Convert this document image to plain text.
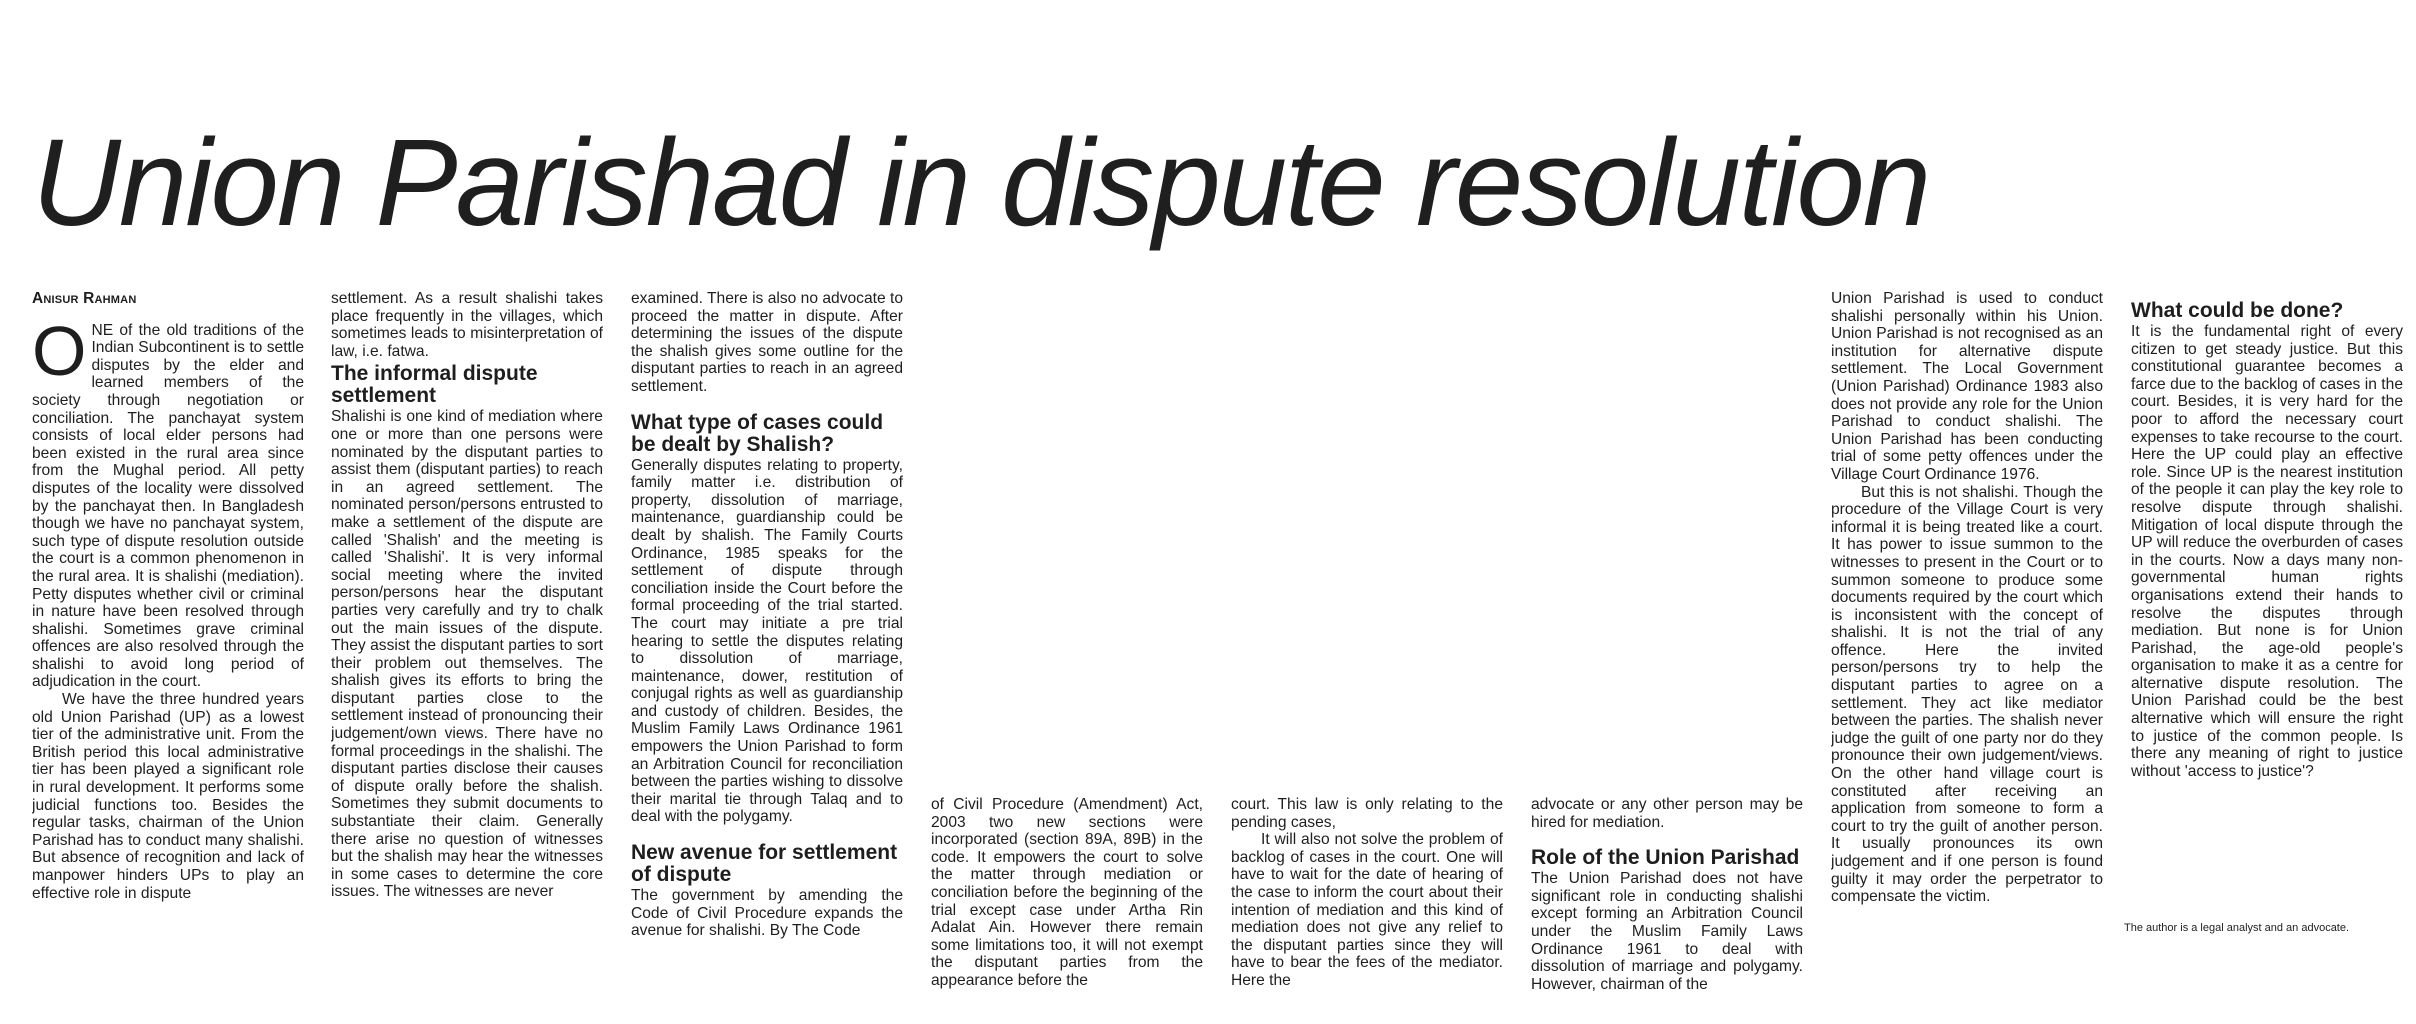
Union Parishad in dispute resolution
Anisur Rahman

ONE of the old traditions of the Indian Subcontinent is to settle disputes by the elder and learned members of the society through negotiation or conciliation. The panchayat system consists of local elder persons had been existed in the rural area since from the Mughal period. All petty disputes of the locality were dissolved by the panchayat then. In Bangladesh though we have no panchayat system, such type of dispute resolution outside the court is a common phenomenon in the rural area. It is shalishi (mediation). Petty disputes whether civil or criminal in nature have been resolved through shalishi. Sometimes grave criminal offences are also resolved through the shalishi to avoid long period of adjudication in the court.

We have the three hundred years old Union Parishad (UP) as a lowest tier of the administrative unit. From the British period this local administrative tier has been played a significant role in rural development. It performs some judicial functions too. Besides the regular tasks, chairman of the Union Parishad has to conduct many shalishi. But absence of recognition and lack of manpower hinders UPs to play an effective role in dispute

settlement. As a result shalishi takes place frequently in the villages, which sometimes leads to misinterpretation of law, i.e. fatwa.

The informal dispute settlement

Shalishi is one kind of mediation where one or more than one persons were nominated by the disputant parties to assist them (disputant parties) to reach in an agreed settlement. The nominated person/persons entrusted to make a settlement of the dispute are called 'Shalish' and the meeting is called 'Shalishi'. It is very informal social meeting where the invited person/persons hear the disputant parties very carefully and try to chalk out the main issues of the dispute. They assist the disputant parties to sort their problem out themselves. The shalish gives its efforts to bring the disputant parties close to the settlement instead of pronouncing their judgement/own views. There have no formal proceedings in the shalishi. The disputant parties disclose their causes of dispute orally before the shalish. Sometimes they submit documents to substantiate their claim. Generally there arise no question of witnesses but the shalish may hear the witnesses in some cases to determine the core issues. The witnesses are never

examined. There is also no advocate to proceed the matter in dispute. After determining the issues of the dispute the shalish gives some outline for the disputant parties to reach in an agreed settlement.

What type of cases could be dealt by Shalish?

Generally disputes relating to property, family matter i.e. distribution of property, dissolution of marriage, maintenance, guardianship could be dealt by shalish. The Family Courts Ordinance, 1985 speaks for the settlement of dispute through conciliation inside the Court before the formal proceeding of the trial started. The court may initiate a pre trial hearing to settle the disputes relating to dissolution of marriage, maintenance, dower, restitution of conjugal rights as well as guardianship and custody of children. Besides, the Muslim Family Laws Ordinance 1961 empowers the Union Parishad to form an Arbitration Council for reconciliation between the parties wishing to dissolve their marital tie through Talaq and to deal with the polygamy.

New avenue for settlement of dispute

The government by amending the Code of Civil Procedure expands the avenue for shalishi. By The Code

of Civil Procedure (Amendment) Act, 2003 two new sections were incorporated (section 89A, 89B) in the code. It empowers the court to solve the matter through mediation or conciliation before the beginning of the trial except case under Artha Rin Adalat Ain. However there remain some limitations too, it will not exempt the disputant parties from the appearance before the

court. This law is only relating to the pending cases,

It will also not solve the problem of backlog of cases in the court. One will have to wait for the date of hearing of the case to inform the court about their intention of mediation and this kind of mediation does not give any relief to the disputant parties since they will have to bear the fees of the mediator. Here the

advocate or any other person may be hired for mediation.

Role of the Union Parishad

The Union Parishad does not have significant role in conducting shalishi except forming an Arbitration Council under the Muslim Family Laws Ordinance 1961 to deal with dissolution of marriage and polygamy. However, chairman of the

Union Parishad is used to conduct shalishi personally within his Union. Union Parishad is not recognised as an institution for alternative dispute settlement. The Local Government (Union Parishad) Ordinance 1983 also does not provide any role for the Union Parishad to conduct shalishi. The Union Parishad has been conducting trial of some petty offences under the Village Court Ordinance 1976.

But this is not shalishi. Though the procedure of the Village Court is very informal it is being treated like a court. It has power to issue summon to the witnesses to present in the Court or to summon someone to produce some documents required by the court which is inconsistent with the concept of shalishi. It is not the trial of any offence. Here the invited person/persons try to help the disputant parties to agree on a settlement. They act like mediator between the parties. The shalish never judge the guilt of one party nor do they pronounce their own judgement/views. On the other hand village court is constituted after receiving an application from someone to form a court to try the guilt of another person. It usually pronounces its own judgement and if one person is found guilty it may order the perpetrator to compensate the victim.

What could be done?

It is the fundamental right of every citizen to get steady justice. But this constitutional guarantee becomes a farce due to the backlog of cases in the court. Besides, it is very hard for the poor to afford the necessary court expenses to take recourse to the court. Here the UP could play an effective role. Since UP is the nearest institution of the people it can play the key role to resolve dispute through shalishi. Mitigation of local dispute through the UP will reduce the overburden of cases in the courts. Now a days many non-governmental human rights organisations extend their hands to resolve the disputes through mediation. But none is for Union Parishad, the age-old people's organisation to make it as a centre for alternative dispute resolution. The Union Parishad could be the best alternative which will ensure the right to justice of the common people. Is there any meaning of right to justice without 'access to justice'?

The author is a legal analyst and an advocate.
